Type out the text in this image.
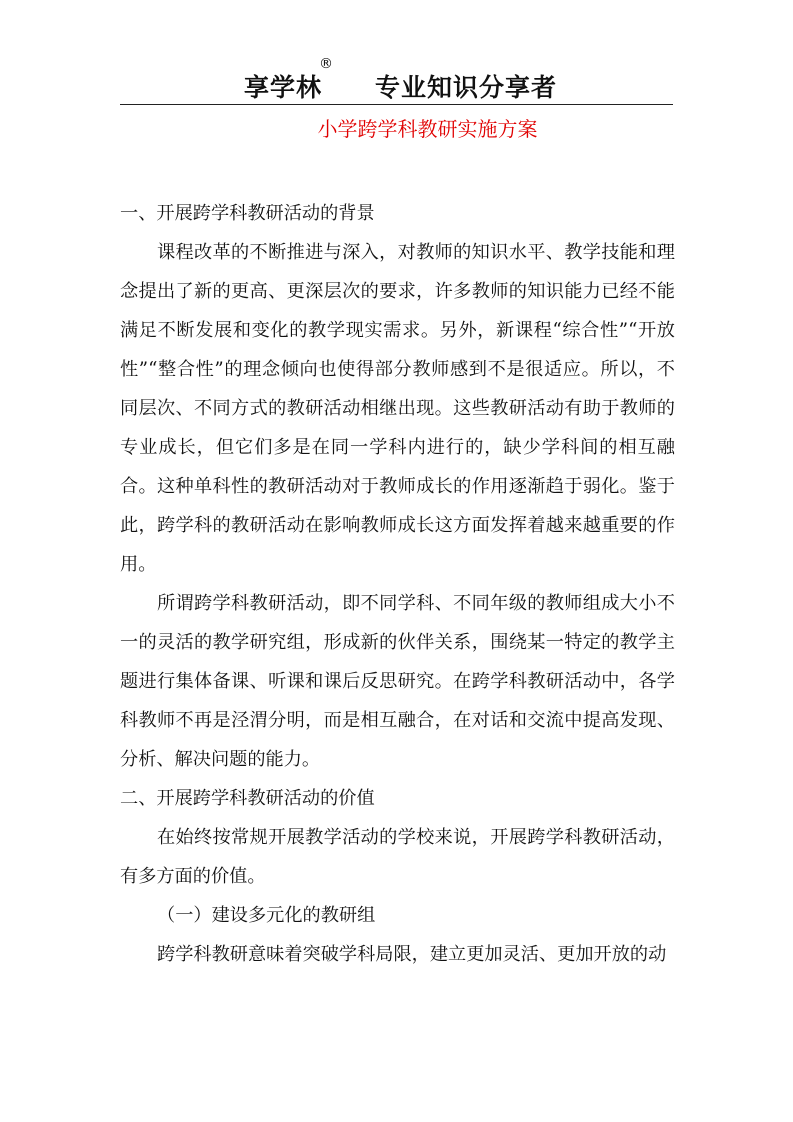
享学林
®
专业知识分享者
小学跨学科教研实施方案

一、开展跨学科教研活动的背景

课程改革的不断推进与深入，对教师的知识水平、教学技能和理念提出了新的更高、更深层次的要求，许多教师的知识能力已经不能满足不断发展和变化的教学现实需求。另外，新课程“综合性”“开放性”“整合性”的理念倾向也使得部分教师感到不是很适应。所以，不同层次、不同方式的教研活动相继出现。这些教研活动有助于教师的专业成长，但它们多是在同一学科内进行的，缺少学科间的相互融合。这种单科性的教研活动对于教师成长的作用逐渐趋于弱化。鉴于此，跨学科的教研活动在影响教师成长这方面发挥着越来越重要的作用。

所谓跨学科教研活动，即不同学科、不同年级的教师组成大小不一的灵活的教学研究组，形成新的伙伴关系，围绕某一特定的教学主题进行集体备课、听课和课后反思研究。在跨学科教研活动中，各学科教师不再是泾渭分明，而是相互融合，在对话和交流中提高发现、分析、解决问题的能力。

二、开展跨学科教研活动的价值

在始终按常规开展教学活动的学校来说，开展跨学科教研活动，有多方面的价值。

（一）建设多元化的教研组

跨学科教研意味着突破学科局限，建立更加灵活、更加开放的动
